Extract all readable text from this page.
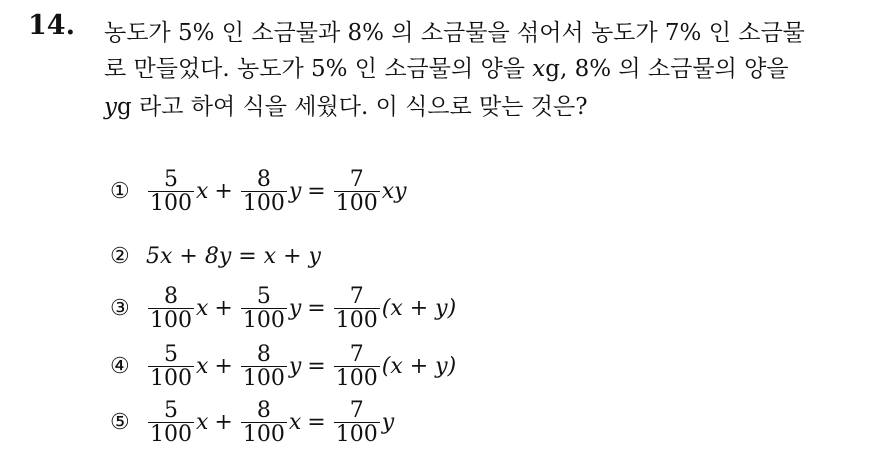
14. 농도가 5% 인 소금물과 8% 의 소금물을 섞어서 농도가 7% 인 소금물
로 만들었다. 농도가 5% 인 소금물의 양을 xg, 8% 의 소금물의 양을
yg 라고 하여 식을 세웠다. 이 식으로 맞는 것은?
① $\frac{5}{100}$ $x + \frac{8}{100}$ $y = \frac{7}{100}$ xy
② 5x + 8y = x + y
③ $\frac{8}{100}$ $x + \frac{5}{100}$ $y = \frac{7}{100} (x + y)$
④ $\frac{5}{100}$ $x + \frac{8}{100}$ $y = \frac{7}{100} (x + y)$
⑤ $\frac{5}{100}$ $x + \frac{8}{100}$ $x = \frac{7}{100}$ y
